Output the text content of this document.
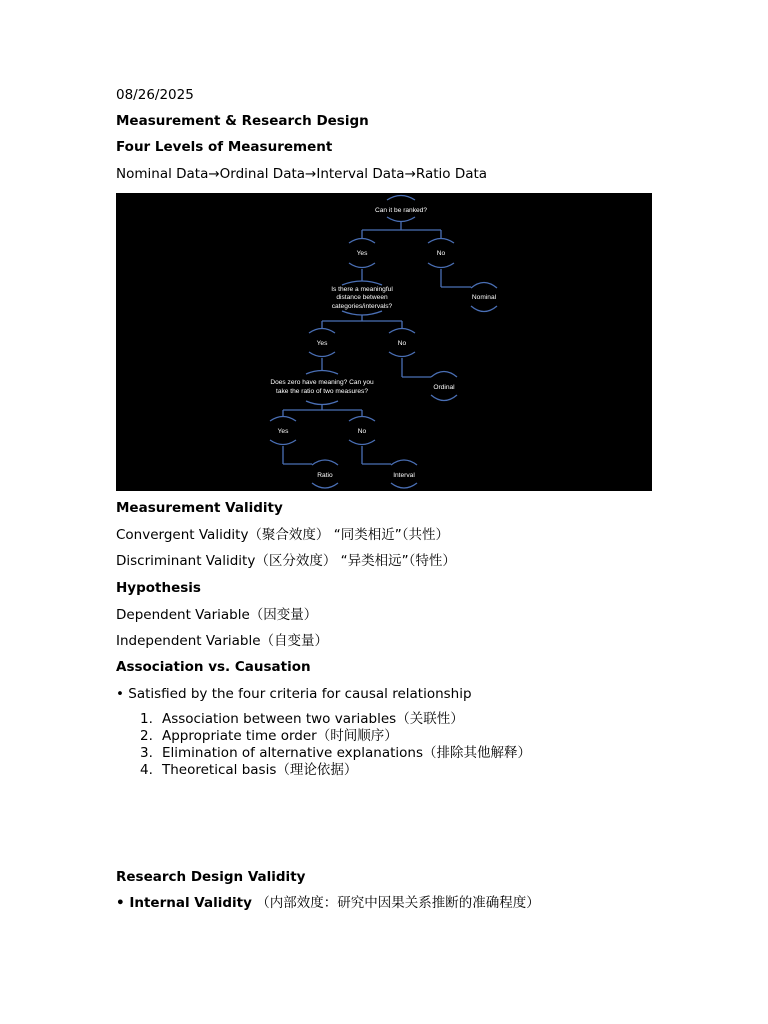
08/26/2025
Measurement & Research Design
Four Levels of Measurement
Nominal Data→Ordinal Data→Interval Data→Ratio Data
Can it be ranked?
Yes	No
Nominal
Is there a meaningful
distance between
categories/intervals?
Yes	No
Ordinal
Does zero have meaning? Can you
take the ratio of two measures?
Yes	No
Ratio	Interval
Measurement Validity
Convergent Validity（聚合效度） “同类相近”（共性）
Discriminant Validity（区分效度） “异类相远”（特性）
Hypothesis
Dependent Variable（因变量）
Independent Variable（自变量）
Association vs. Causation
• Satisfied by the four criteria for causal relationship
1. Association between two variables（关联性）
2. Appropriate time order（时间顺序）
3. Elimination of alternative explanations（排除其他解释）
4. Theoretical basis（理论依据）
Research Design Validity
• Internal Validity （内部效度：研究中因果关系推断的准确程度）
